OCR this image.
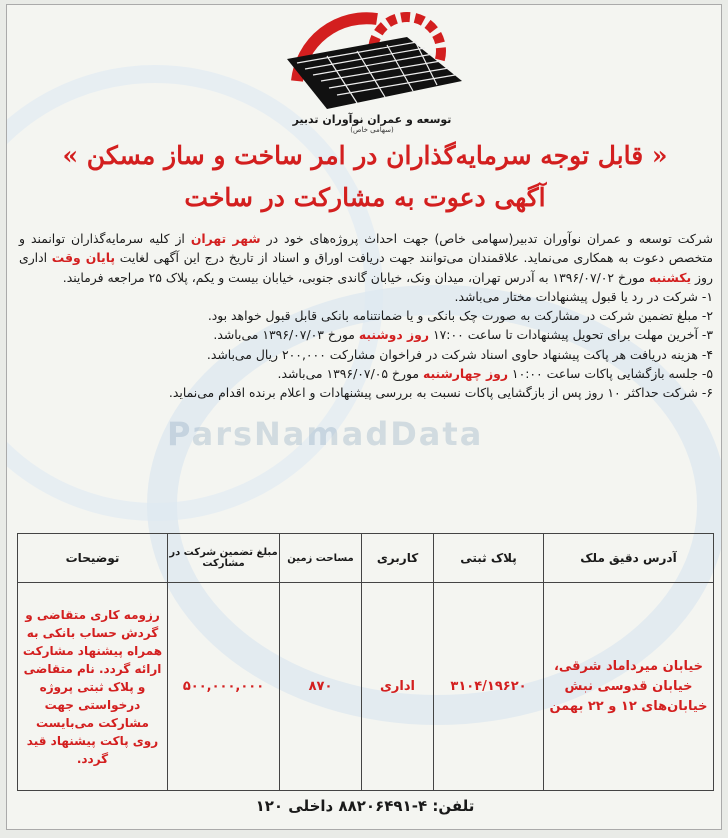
توسعه و عمران نوآوران تدبیر
(سهامی خاص)
« قابل توجه سرمایه‌گذاران در امر ساخت و ساز مسکن »
آگهی دعوت به مشارکت در ساخت
ParsNamadData

شرکت توسعه و عمران نوآوران تدبیر(سهامی خاص) جهت احداث پروژه‌های خود در شهر تهران از کلیه سرمایه‌گذاران توانمند و متخصص دعوت به همکاری می‌نماید. علاقمندان می‌توانند جهت دریافت اوراق و اسناد از تاریخ درج این آگهی لغایت پایان وقت اداری روز یکشنبه مورخ ۱۳۹۶/۰۷/۰۲ به آدرس تهران، میدان ونک، خیابان گاندی جنوبی، خیابان بیست و یکم، پلاک ۲۵ مراجعه فرمایند.

۱- شرکت در رد یا قبول پیشنهادات مختار می‌باشد.

۲- مبلغ تضمین شرکت در مشارکت به صورت چک بانکی و یا ضمانتنامه بانکی قابل قبول خواهد بود.

۳- آخرین مهلت برای تحویل پیشنهادات تا ساعت ۱۷:۰۰ روز دوشنبه مورخ ۱۳۹۶/۰۷/۰۳ می‌باشد.

۴- هزینه دریافت هر پاکت پیشنهاد حاوی اسناد شرکت در فراخوان مشارکت ۲۰۰,۰۰۰ ریال می‌باشد.

۵- جلسه بازگشایی پاکات ساعت ۱۰:۰۰ روز چهارشنبه مورخ ۱۳۹۶/۰۷/۰۵ می‌باشد.

۶- شرکت حداکثر ۱۰ روز پس از بازگشایی پاکات نسبت به بررسی پیشنهادات و اعلام برنده اقدام می‌نماید.

آدرس دقیق ملک	پلاک ثبتی	کاربری	مساحت زمین	مبلغ تضمین شرکت در مشارکت	توضیحات
خیابان میرداماد شرقی، خیابان قدوسی نبش خیابان‌های ۱۲ و ۲۲ بهمن	۳۱۰۴/۱۹۶۲۰	اداری	۸۷۰	۵۰۰,۰۰۰,۰۰۰	رزومه کاری متقاضی و گردش حساب بانکی به همراه پیشنهاد مشارکت ارائه گردد. نام متقاضی و پلاک ثبتی پروژه درخواستی جهت مشارکت می‌بایست روی پاکت پیشنهاد قید گردد.
تلفن: ۴-۸۸۲۰۶۴۹۱ داخلی ۱۲۰
